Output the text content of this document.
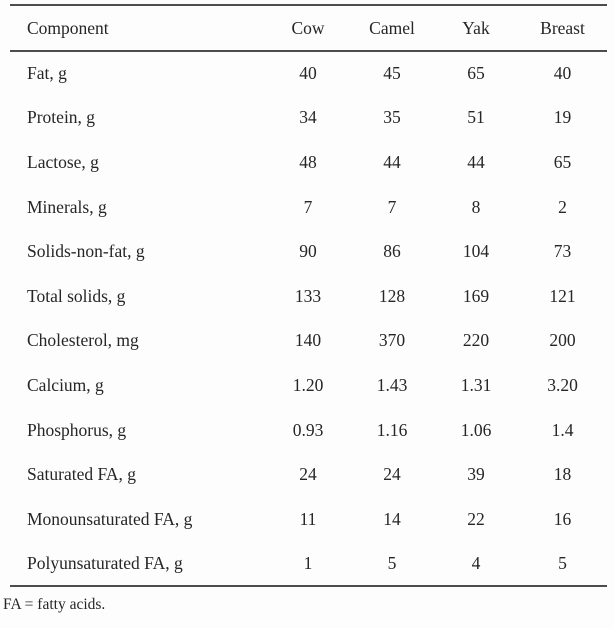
Component	Cow	Camel	Yak	Breast
Fat, g	40	45	65	40
Protein, g	34	35	51	19
Lactose, g	48	44	44	65
Minerals, g	7	7	8	2
Solids-non-fat, g	90	86	104	73
Total solids, g	133	128	169	121
Cholesterol, mg	140	370	220	200
Calcium, g	1.20	1.43	1.31	3.20
Phosphorus, g	0.93	1.16	1.06	1.4
Saturated FA, g	24	24	39	18
Monounsaturated FA, g	11	14	22	16
Polyunsaturated FA, g	1	5	4	5
FA = fatty acids.
